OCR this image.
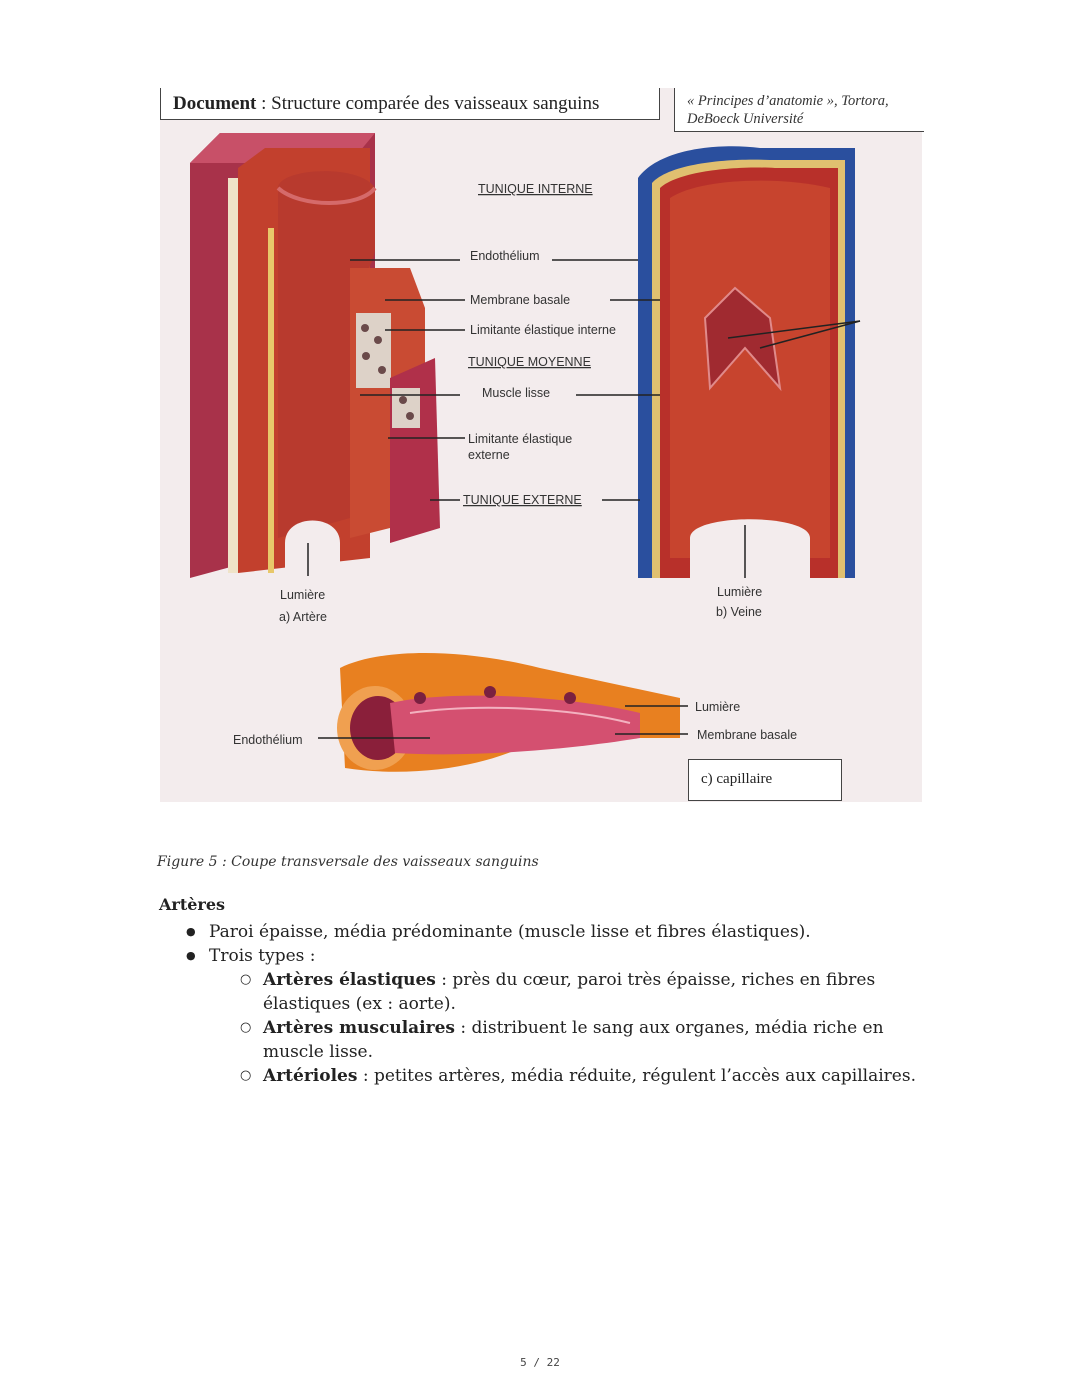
TUNIQUE INTERNE
Endothélium
Membrane basale
Limitante élastique interne
TUNIQUE MOYENNE
Muscle lisse
Limitante élastique
externe
TUNIQUE EXTERNE
Lumière
a) Artère
Lumière
b) Veine
Lumière
Membrane basale
Endothélium
Document : Structure comparée des vaisseaux sanguins	« Principes d’anatomie », Tortora,
DeBoeck Université
c) capillaire
Figure 5 : Coupe transversale des vaisseaux sanguins
Artères
● Paroi épaisse, média prédominante (muscle lisse et fibres élastiques).
● Trois types :
○ Artères élastiques : près du cœur, paroi très épaisse, riches en fibres élastiques (ex : aorte).
○ Artères musculaires : distribuent le sang aux organes, média riche en muscle lisse.
○ Artérioles : petites artères, média réduite, régulent l’accès aux capillaires.
5 / 22
